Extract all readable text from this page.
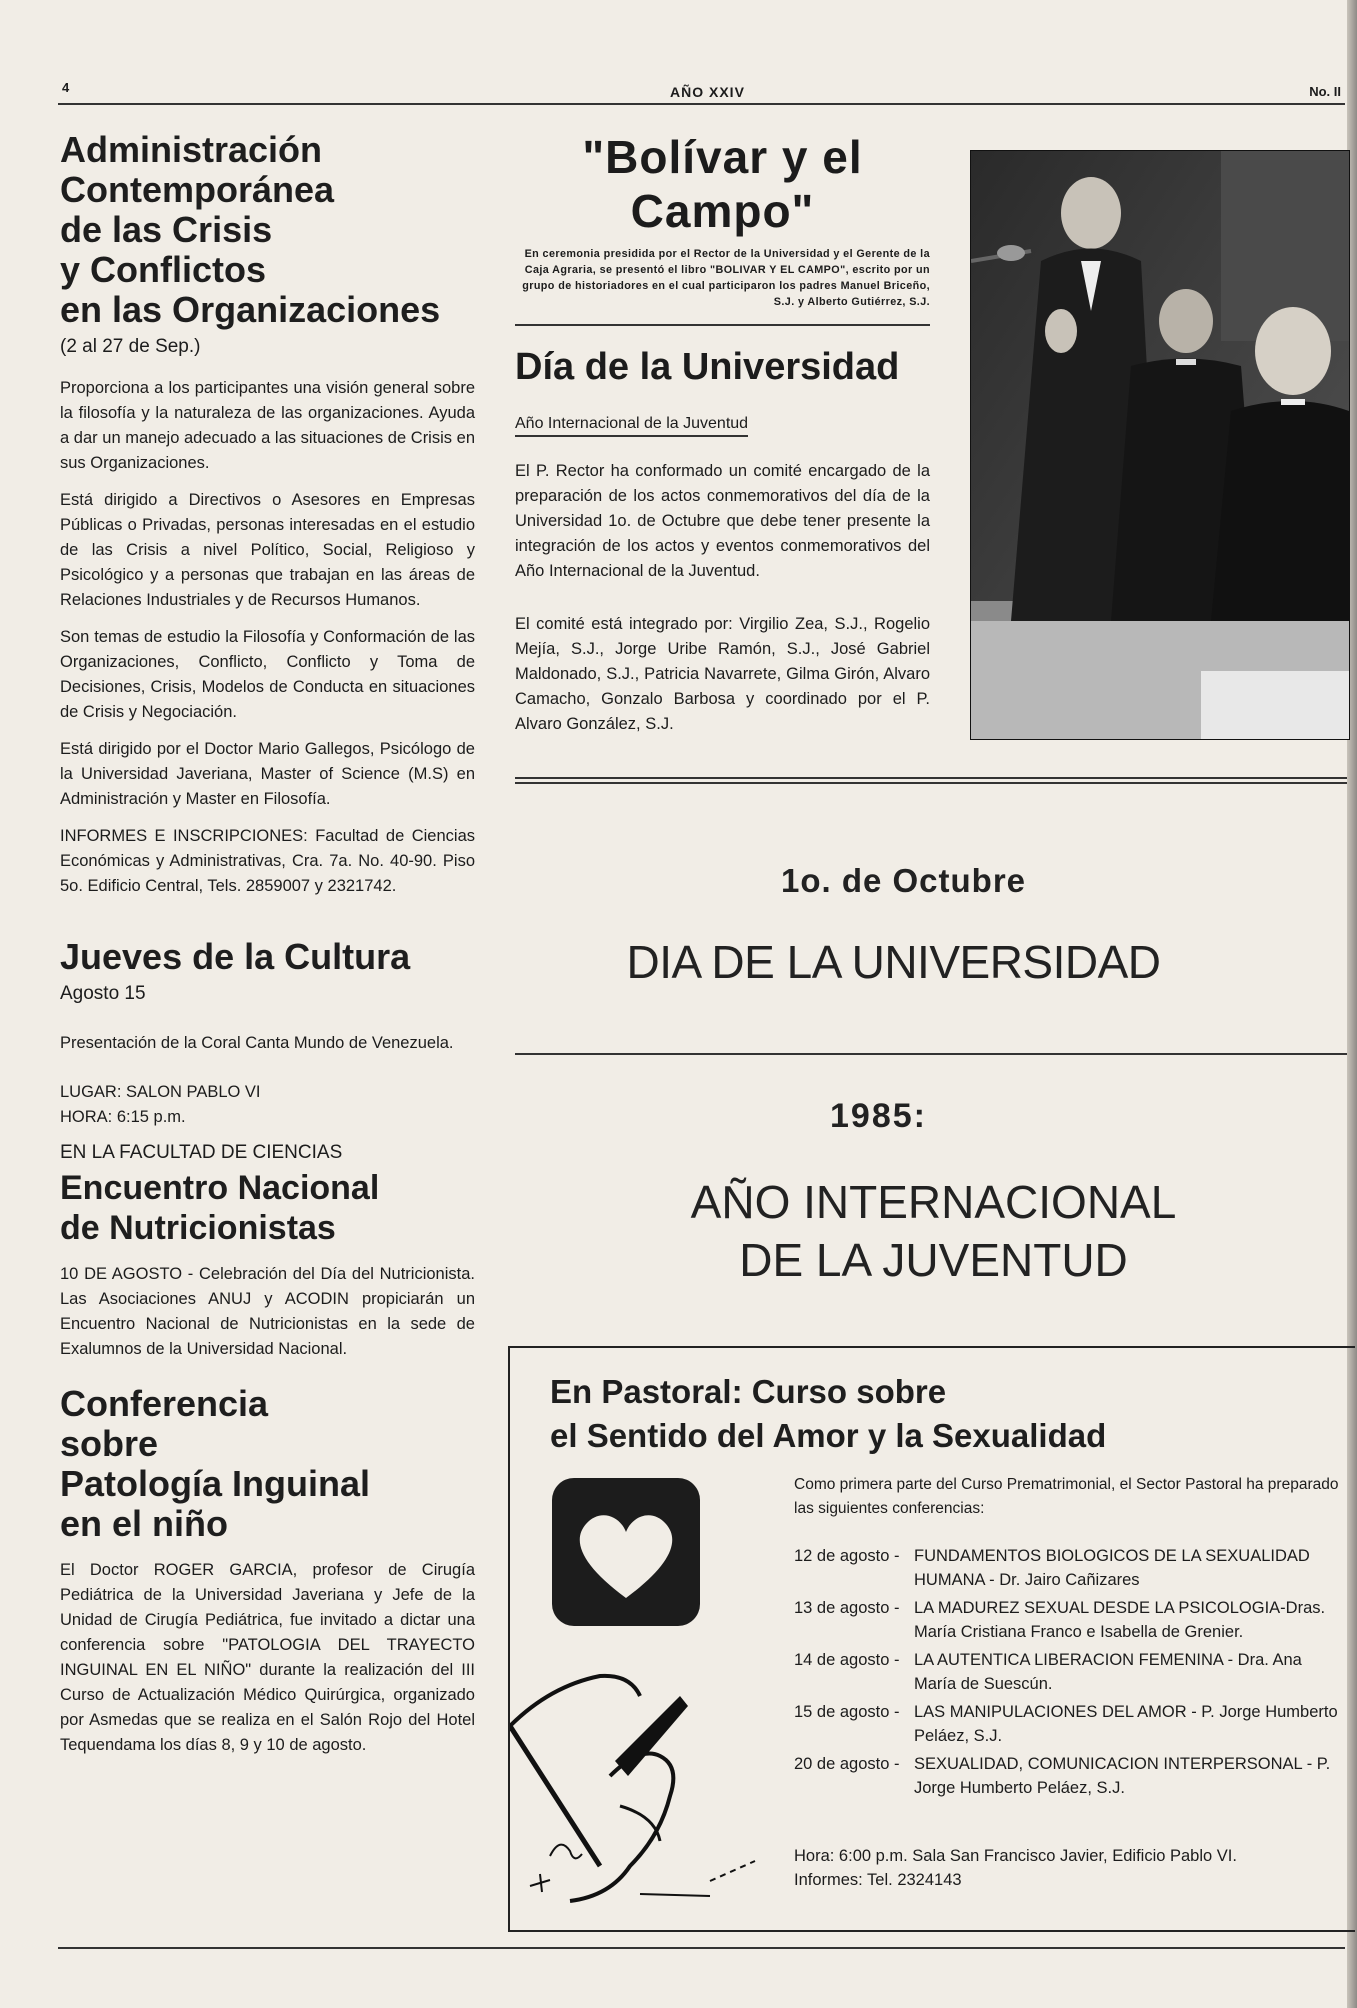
4	AÑO XXIV	No. II
Administración
Contemporánea
de las Crisis
y Conflictos
en las Organizaciones
(2 al 27 de Sep.)

Proporciona a los participantes una visión general sobre la filosofía y la naturaleza de las organizaciones. Ayuda a dar un manejo adecuado a las situaciones de Crisis en sus Organizaciones.

Está dirigido a Directivos o Asesores en Empresas Públicas o Privadas, personas interesadas en el estudio de las Crisis a nivel Político, Social, Religioso y Psicológico y a personas que trabajan en las áreas de Relaciones Industriales y de Recursos Humanos.

Son temas de estudio la Filosofía y Conformación de las Organizaciones, Conflicto, Conflicto y Toma de Decisiones, Crisis, Modelos de Conducta en situaciones de Crisis y Negociación.

Está dirigido por el Doctor Mario Gallegos, Psicólogo de la Universidad Javeriana, Master of Science (M.S) en Administración y Master en Filosofía.

INFORMES E INSCRIPCIONES: Facultad de Ciencias Económicas y Administrativas, Cra. 7a. No. 40-90. Piso 5o. Edificio Central, Tels. 2859007 y 2321742.

Jueves de la Cultura
Agosto 15

Presentación de la Coral Canta Mundo de Venezuela.

LUGAR: SALON PABLO VI

HORA: 6:15 p.m.

EN LA FACULTAD DE CIENCIAS
Encuentro Nacional
de Nutricionistas

10 DE AGOSTO - Celebración del Día del Nutricionista. Las Asociaciones ANUJ y ACODIN propiciarán un Encuentro Nacional de Nutricionistas en la sede de Exalumnos de la Universidad Nacional.

Conferencia
sobre
Patología Inguinal
en el niño

El Doctor ROGER GARCIA, profesor de Cirugía Pediátrica de la Universidad Javeriana y Jefe de la Unidad de Cirugía Pediátrica, fue invitado a dictar una conferencia sobre "PATOLOGIA DEL TRAYECTO INGUINAL EN EL NIÑO" durante la realización del III Curso de Actualización Médico Quirúrgica, organizado por Asmedas que se realiza en el Salón Rojo del Hotel Tequendama los días 8, 9 y 10 de agosto.

"Bolívar y el Campo"
En ceremonia presidida por el Rector de la Universidad y el Gerente de la Caja Agraria, se presentó el libro "BOLIVAR Y EL CAMPO", escrito por un grupo de historiadores en el cual participaron los padres Manuel Briceño, S.J. y Alberto Gutiérrez, S.J.
Día de la Universidad
Año Internacional de la Juventud

El P. Rector ha conformado un comité encargado de la preparación de los actos conmemorativos del día de la Universidad 1o. de Octubre que debe tener presente la integración de los actos y eventos conmemorativos del Año Internacional de la Juventud.

El comité está integrado por: Virgilio Zea, S.J., Rogelio Mejía, S.J., Jorge Uribe Ramón, S.J., José Gabriel Maldonado, S.J., Patricia Navarrete, Gilma Girón, Alvaro Camacho, Gonzalo Barbosa y coordinado por el P. Alvaro González, S.J.

1o. de Octubre
DIA DE LA UNIVERSIDAD
1985:
AÑO INTERNACIONAL
DE LA JUVENTUD
En Pastoral: Curso sobre
el Sentido del Amor y la Sexualidad
Como primera parte del Curso Prematrimonial, el Sector Pastoral ha preparado las siguientes conferencias:
12 de agosto - FUNDAMENTOS BIOLOGICOS DE LA SEXUALIDAD HUMANA - Dr. Jairo Cañizares
13 de agosto - LA MADUREZ SEXUAL DESDE LA PSICOLOGIA-Dras. María Cristiana Franco e Isabella de Grenier.
14 de agosto - LA AUTENTICA LIBERACION FEMENINA - Dra. Ana María de Suescún.
15 de agosto - LAS MANIPULACIONES DEL AMOR - P. Jorge Humberto Peláez, S.J.
20 de agosto - SEXUALIDAD, COMUNICACION INTERPERSONAL - P. Jorge Humberto Peláez, S.J.
Hora: 6:00 p.m. Sala San Francisco Javier, Edificio Pablo VI.
Informes: Tel. 2324143
